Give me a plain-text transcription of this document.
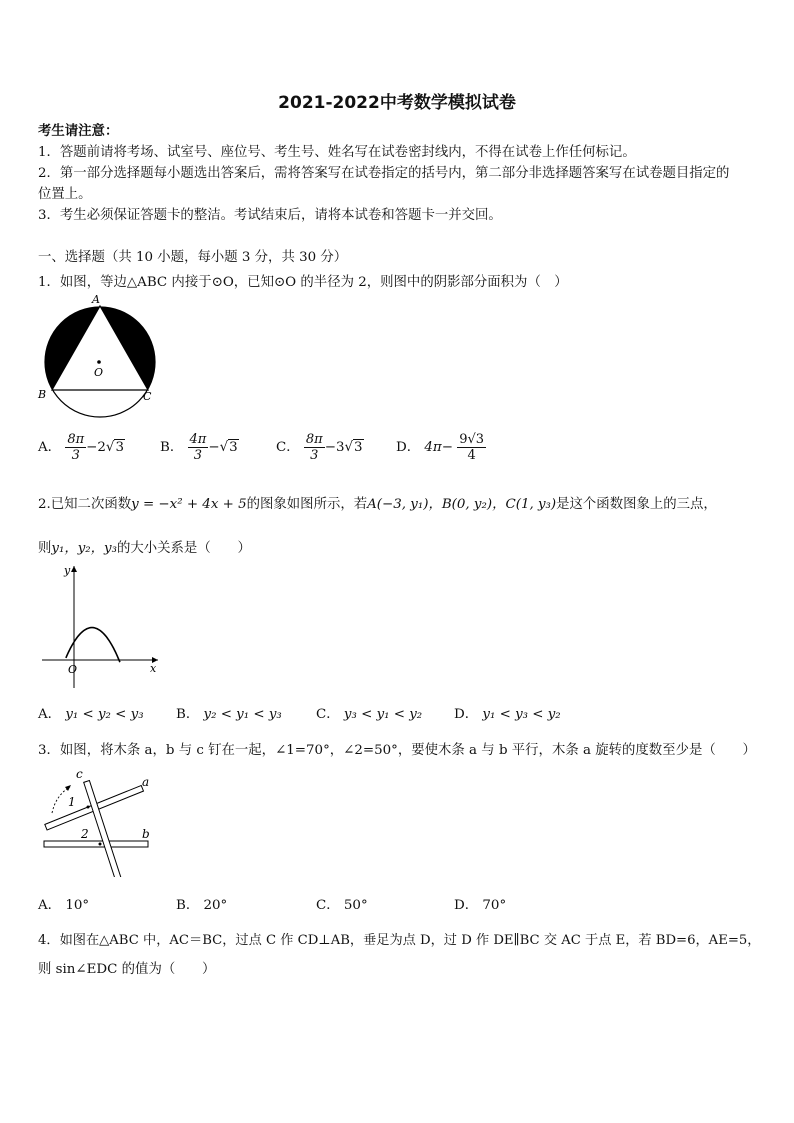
2021-2022中考数学模拟试卷
考生请注意：
1．答题前请将考场、试室号、座位号、考生号、姓名写在试卷密封线内，不得在试卷上作任何标记。
2．第一部分选择题每小题选出答案后，需将答案写在试卷指定的括号内，第二部分非选择题答案写在试卷题目指定的
位置上。
3．考生必须保证答题卡的整洁。考试结束后，请将本试卷和答题卡一并交回。
一、选择题（共 10 小题，每小题 3 分，共 30 分）
1．如图，等边△ABC 内接于⊙O，已知⊙O 的半径为 2，则图中的阴影部分面积为（　）
A
B	C
O
A． $\frac{8\pi}{3} -2√3$	B． $\frac{4\pi}{3} -√3$	C． $\frac{8\pi}{3} -3√3$ D． $4\pi- \frac{9√3}{4}$
2.已知二次函数y = −x² + 4x + 5的图象如图所示，若A(−3, y₁)，B(0, y₂)，C(1, y₃)是这个函数图象上的三点，
则y₁，y₂，y₃的大小关系是（　　）
y
x
O
A． y₁ < y₂ < y₃ B． y₂ < y₁ < y₃	C． y₃ < y₁ < y₂ D． y₁ < y₃ < y₂
3．如图，将木条 a，b 与 c 钉在一起，∠1=70°，∠2=50°，要使木条 a 与 b 平行，木条 a 旋转的度数至少是（　　）
c
a
b
1
2
A． 10°	B． 20°	C． 50°	D． 70°
4．如图在△ABC 中，AC＝BC，过点 C 作 CD⊥AB，垂足为点 D，过 D 作 DE∥BC 交 AC 于点 E，若 BD=6，AE=5，
则 sin∠EDC 的值为（　　）
